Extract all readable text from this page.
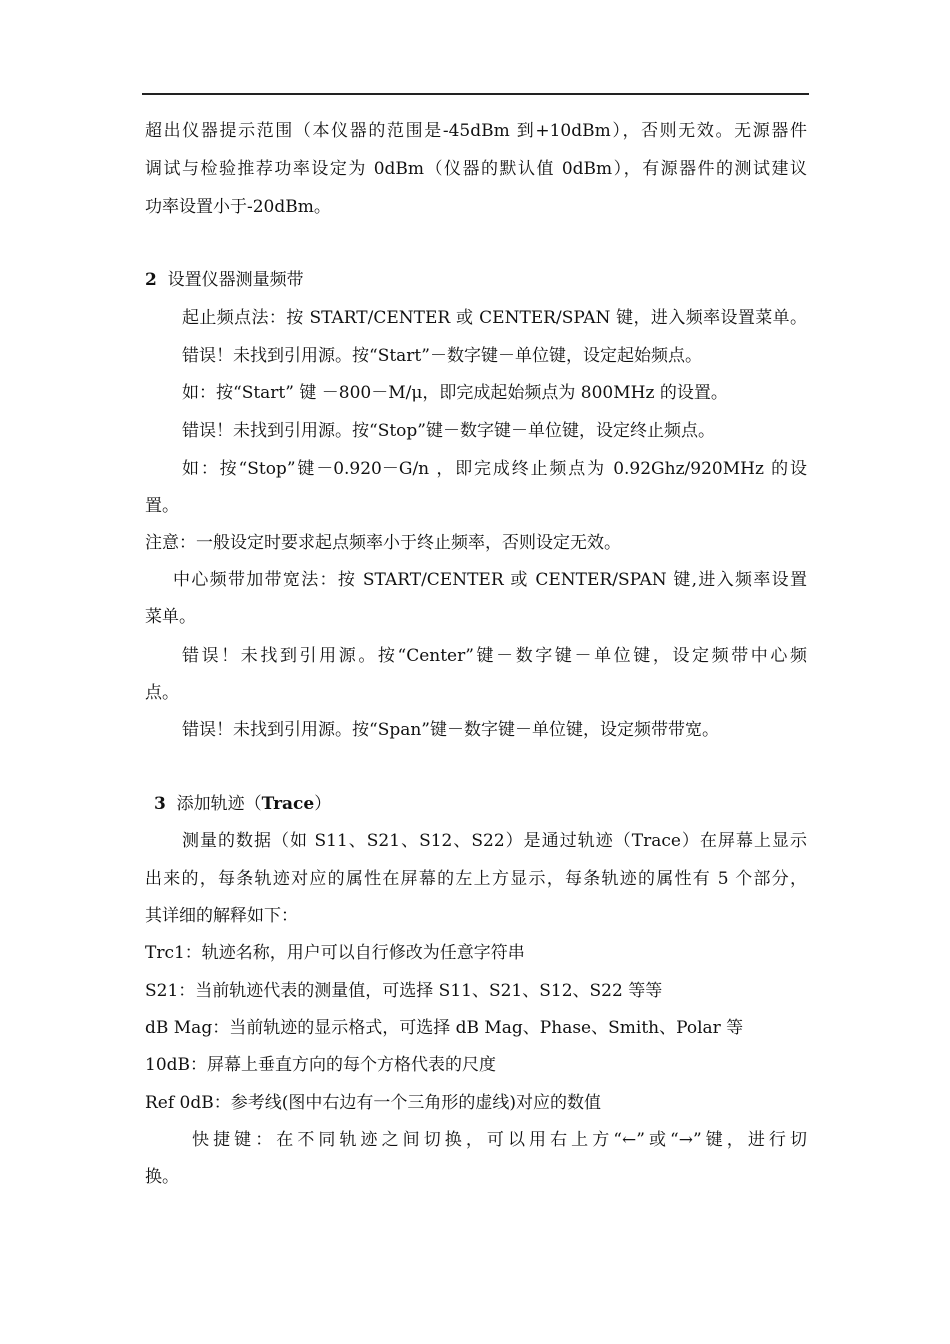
超出仪器提示范围（本仪器的范围是-45dBm 到+10dBm），否则无效。无源器件
调试与检验推荐功率设定为 0dBm（仪器的默认值 0dBm），有源器件的测试建议
功率设置小于-20dBm。
2 设置仪器测量频带
起止频点法：按 START/CENTER 或 CENTER/SPAN 键，进入频率设置菜单。
错误！未找到引用源。按“Start”－数字键－单位键，设定起始频点。
如：按“Start” 键 －800－M/μ，即完成起始频点为 800MHz 的设置。
错误！未找到引用源。按“Stop”键－数字键－单位键，设定终止频点。
如：按“Stop”键－0.920－G/n ，即完成终止频点为 0.92Ghz/920MHz 的设
置。
注意：一般设定时要求起点频率小于终止频率，否则设定无效。
中心频带加带宽法：按 START/CENTER 或 CENTER/SPAN 键,进入频率设置
菜单。
错误！未找到引用源。按“Center”键－数字键－单位键，设定频带中心频
点。
错误！未找到引用源。按“Span”键－数字键－单位键，设定频带带宽。
3 添加轨迹（Trace）
测量的数据（如 S11、S21、S12、S22）是通过轨迹（Trace）在屏幕上显示
出来的，每条轨迹对应的属性在屏幕的左上方显示，每条轨迹的属性有 5 个部分，
其详细的解释如下：
Trc1：轨迹名称，用户可以自行修改为任意字符串
S21：当前轨迹代表的测量值，可选择 S11、S21、S12、S22 等等
dB Mag：当前轨迹的显示格式，可选择 dB Mag、Phase、Smith、Polar 等
10dB：屏幕上垂直方向的每个方格代表的尺度
Ref 0dB：参考线(图中右边有一个三角形的虚线)对应的数值
快捷键：在不同轨迹之间切换，可以用右上方“←”或“→”键，进行切
换。
